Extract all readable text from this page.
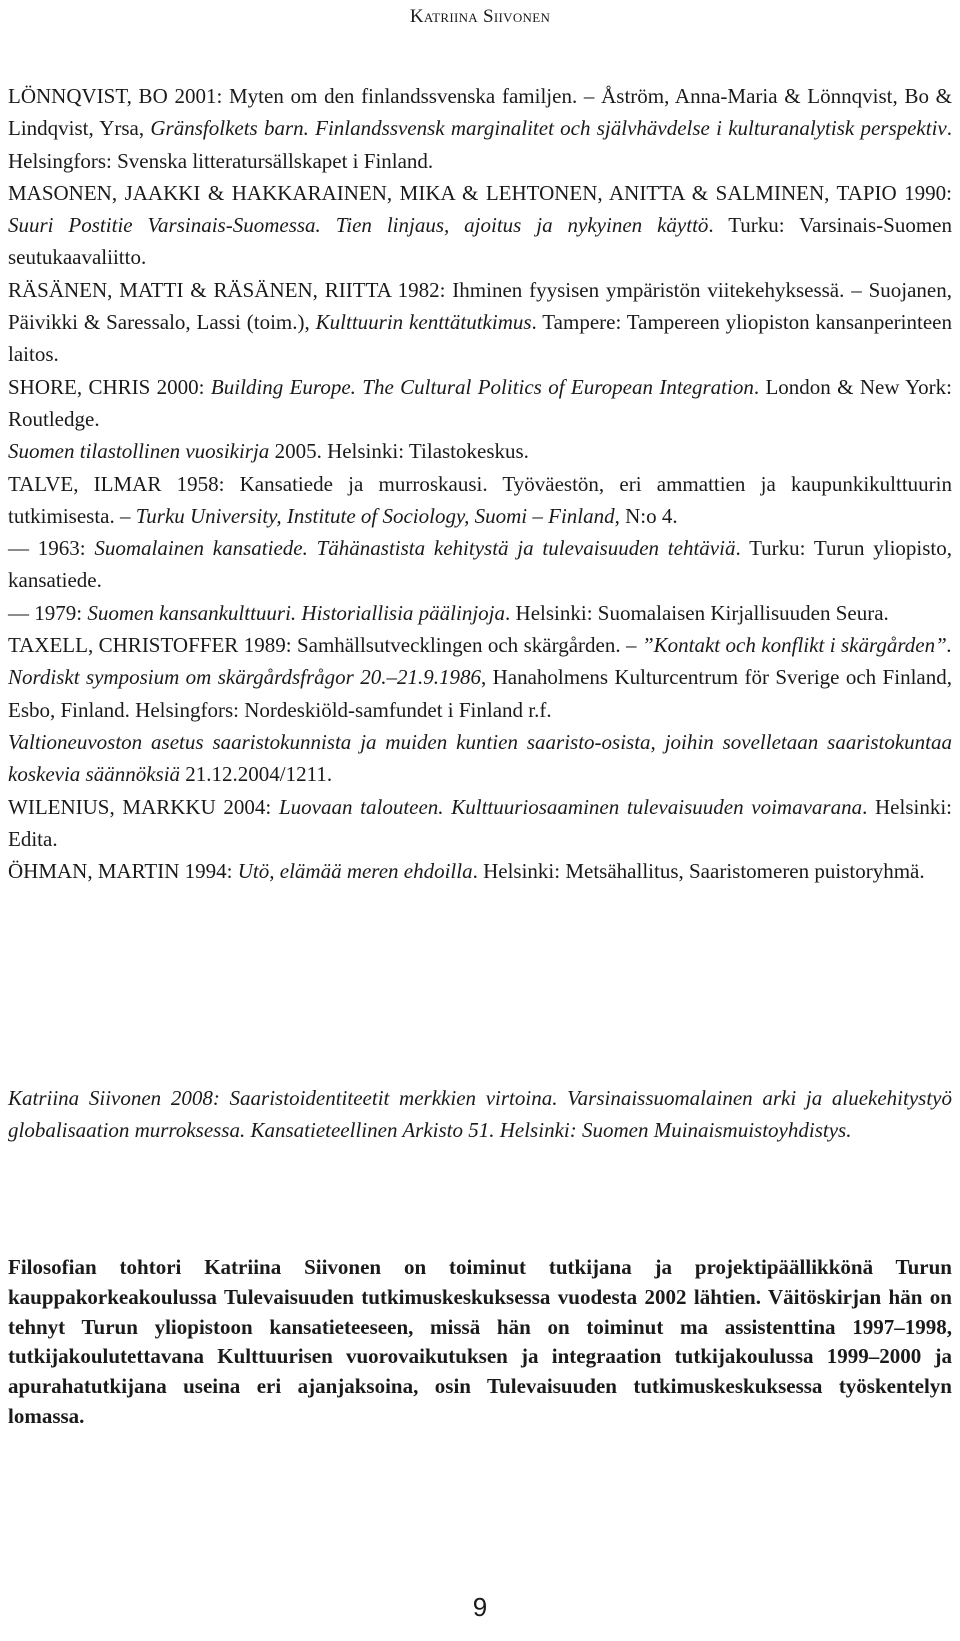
Katriina Siivonen

LÖNNQVIST, BO 2001: Myten om den finlandssvenska familjen. – Åström, Anna-Maria & Lönnqvist, Bo & Lindqvist, Yrsa, Gränsfolkets barn. Finlandssvensk marginalitet och självhävdelse i kulturanalytisk perspektiv. Helsingfors: Svenska litteratursällskapet i Finland.

MASONEN, JAAKKI & HAKKARAINEN, MIKA & LEHTONEN, ANITTA & SALMINEN, TAPIO 1990: Suuri Postitie Varsinais-Suomessa. Tien linjaus, ajoitus ja nykyinen käyttö. Turku: Varsinais-Suomen seutukaavaliitto.

RÄSÄNEN, MATTI & RÄSÄNEN, RIITTA 1982: Ihminen fyysisen ympäristön viitekehyksessä. – Suojanen, Päivikki & Saressalo, Lassi (toim.), Kulttuurin kenttätutkimus. Tampere: Tampereen yliopiston kansanperinteen laitos.

SHORE, CHRIS 2000: Building Europe. The Cultural Politics of European Integration. London & New York: Routledge.

Suomen tilastollinen vuosikirja 2005. Helsinki: Tilastokeskus.

TALVE, ILMAR 1958: Kansatiede ja murroskausi. Työväestön, eri ammattien ja kaupunkikulttuurin tutkimisesta. – Turku University, Institute of Sociology, Suomi – Finland, N:o 4.

— 1963: Suomalainen kansatiede. Tähänastista kehitystä ja tulevaisuuden tehtäviä. Turku: Turun yliopisto, kansatiede.

— 1979: Suomen kansankulttuuri. Historiallisia päälinjoja. Helsinki: Suomalaisen Kirjallisuuden Seura.

TAXELL, CHRISTOFFER 1989: Samhällsutvecklingen och skärgården. – ”Kontakt och konflikt i skärgården”. Nordiskt symposium om skärgårdsfrågor 20.–21.9.1986, Hanaholmens Kulturcentrum för Sverige och Finland, Esbo, Finland. Helsingfors: Nordeskiöld-samfundet i Finland r.f.

Valtioneuvoston asetus saaristokunnista ja muiden kuntien saaristo-osista, joihin sovelletaan saaristokuntaa koskevia säännöksiä 21.12.2004/1211.

WILENIUS, MARKKU 2004: Luovaan talouteen. Kulttuuriosaaminen tulevaisuuden voimavarana. Helsinki: Edita.

ÖHMAN, MARTIN 1994: Utö, elämää meren ehdoilla. Helsinki: Metsähallitus, Saaristomeren puistoryhmä.

Katriina Siivonen 2008: Saaristoidentiteetit merkkien virtoina. Varsinaissuomalainen arki ja aluekehitystyö globalisaation murroksessa. Kansatieteellinen Arkisto 51. Helsinki: Suomen Muinaismuistoyhdistys.

Filosofian tohtori Katriina Siivonen on toiminut tutkijana ja projektipäällikkönä Turun kauppakorkeakoulussa Tulevaisuuden tutkimuskeskuksessa vuodesta 2002 lähtien. Väitöskirjan hän on tehnyt Turun yliopistoon kansatieteeseen, missä hän on toiminut ma assistenttina 1997–1998, tutkijakoulutettavana Kulttuurisen vuorovaikutuksen ja integraation tutkijakoulussa 1999–2000 ja apurahatutkijana useina eri ajanjaksoina, osin Tulevaisuuden tutkimuskeskuksessa työskentelyn lomassa.

9
